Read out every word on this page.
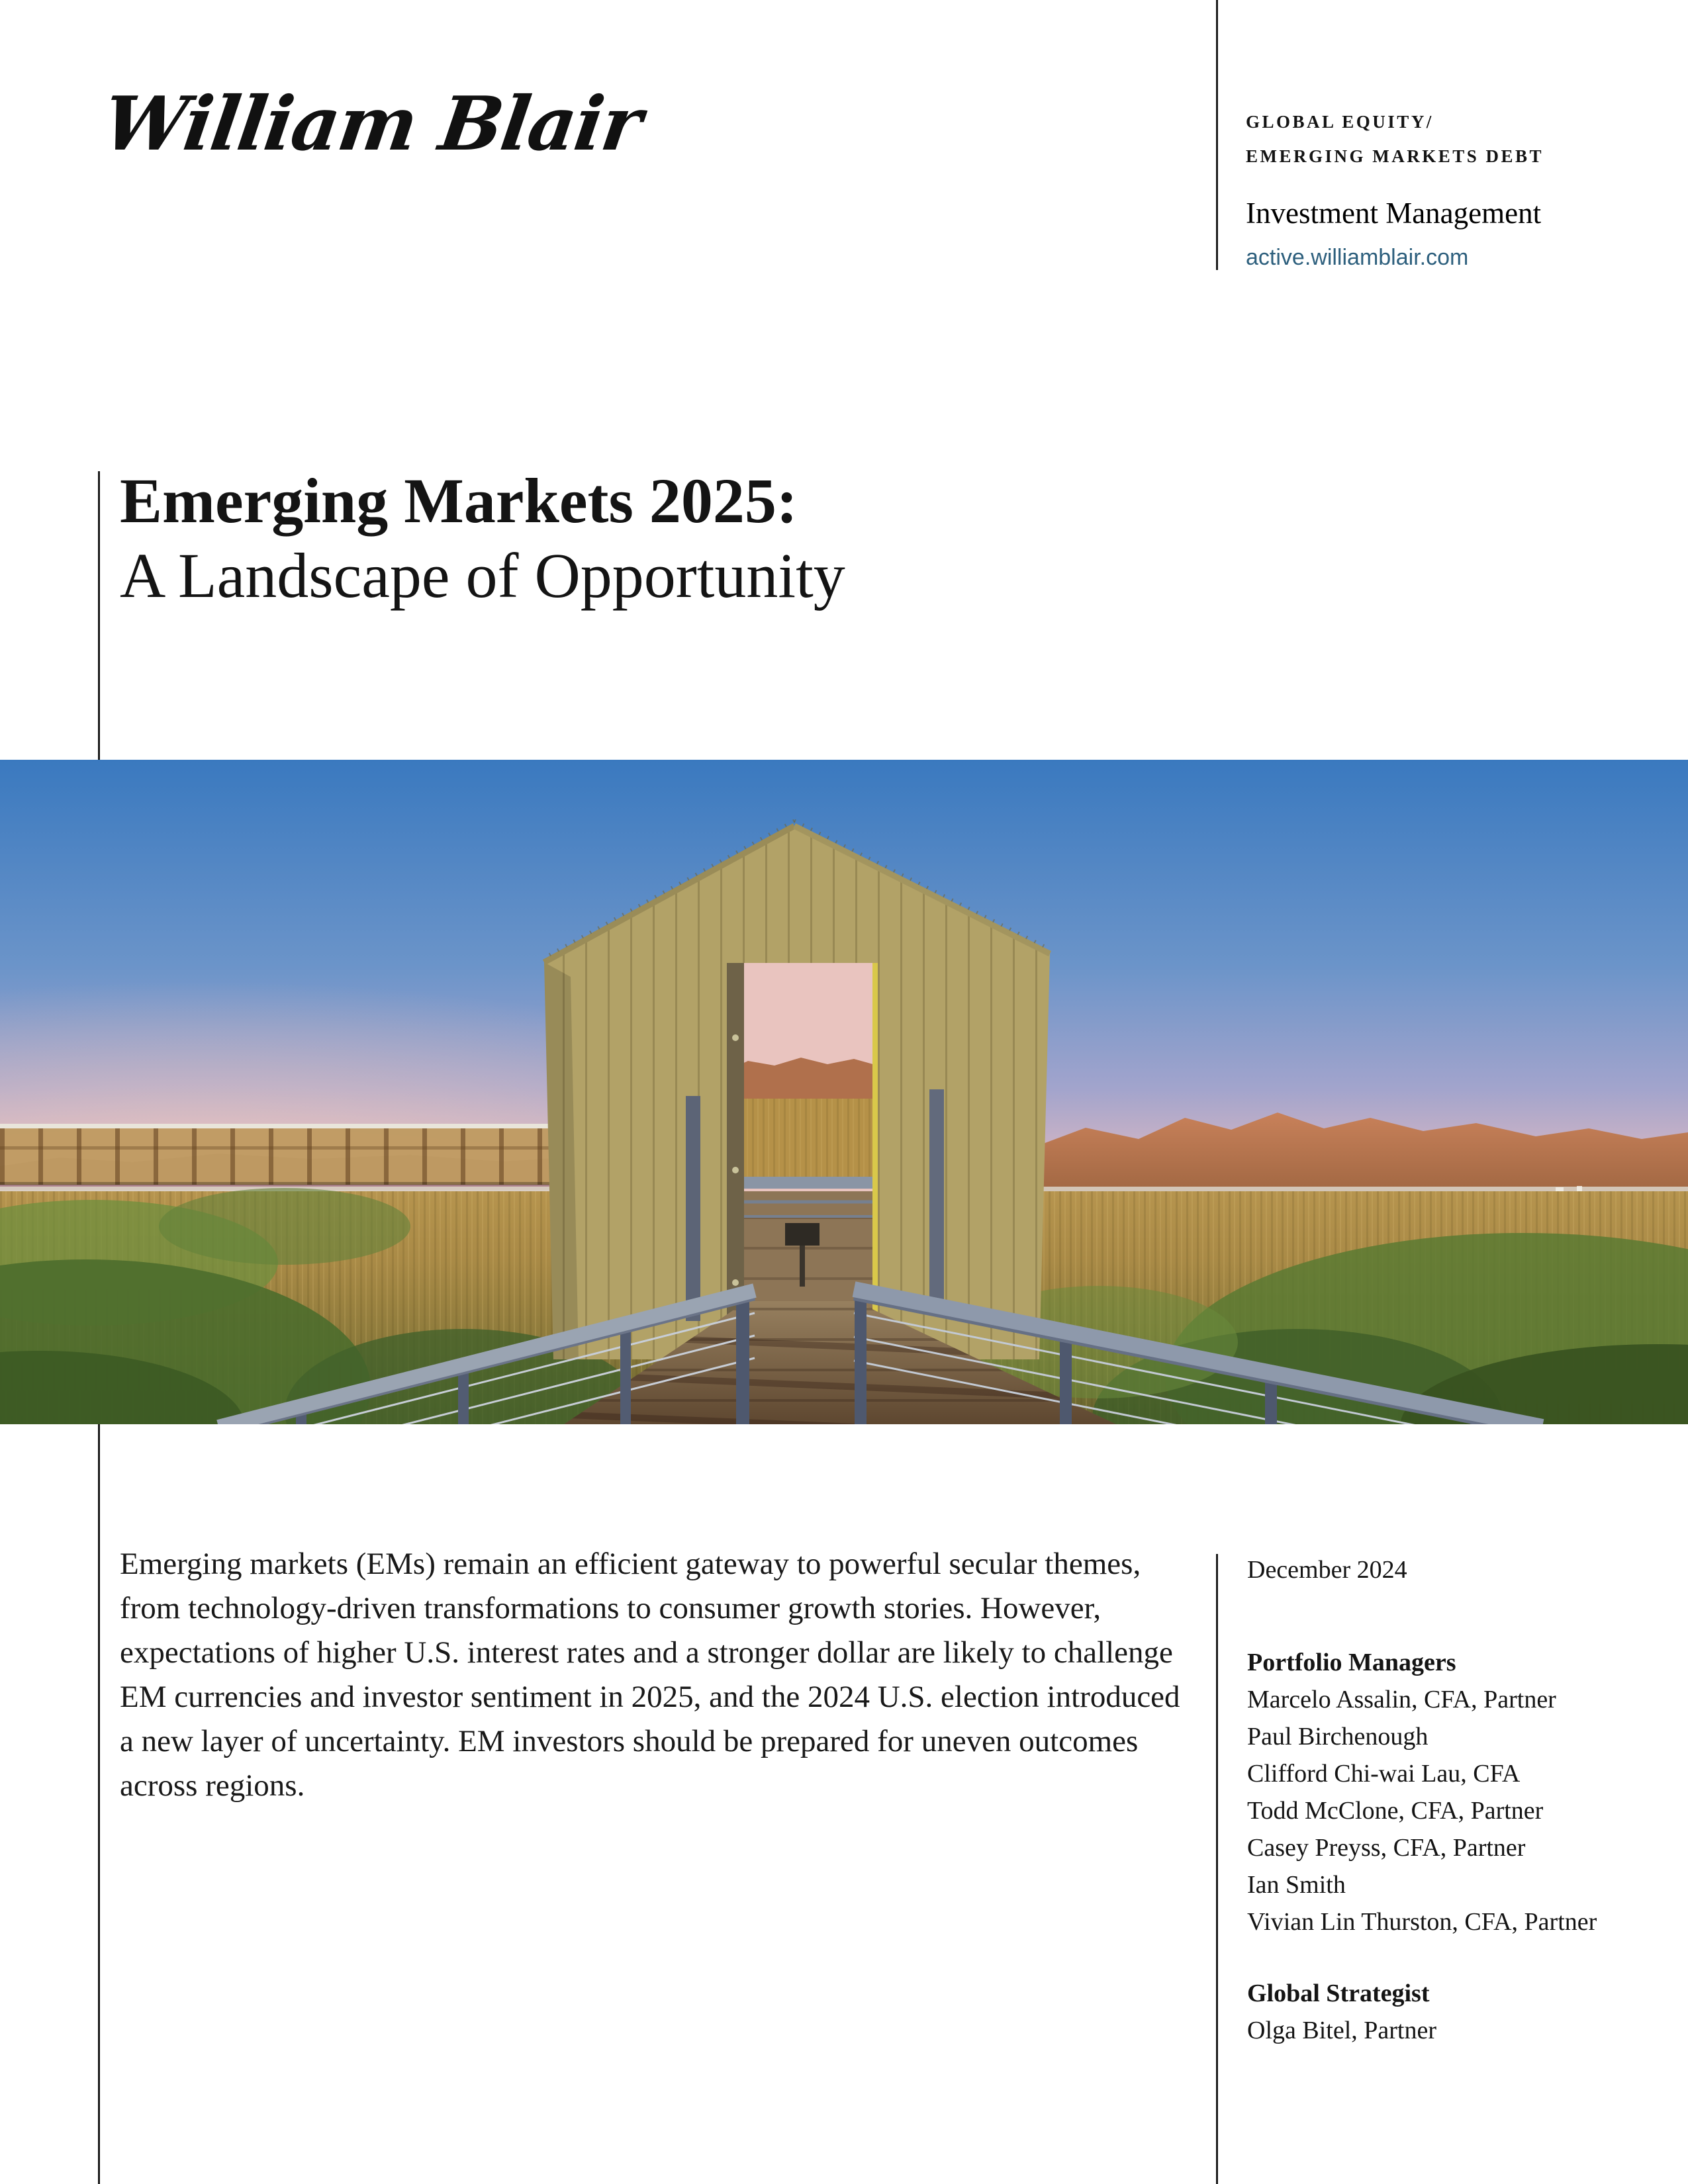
William Blair	GLOBAL EQUITY/
EMERGING MARKETS DEBT
Investment Management
active.williamblair.com
Emerging Markets 2025:
A Landscape of Opportunity

Emerging markets (EMs) remain an efficient gateway to powerful secular themes, from technology-driven transformations to consumer growth stories. However, expectations of higher U.S. interest rates and a stronger dollar are likely to challenge EM currencies and investor sentiment in 2025, and the 2024 U.S. election introduced a new layer of uncertainty. EM investors should be prepared for uneven outcomes across regions.

December 2024
Portfolio Managers
Marcelo Assalin, CFA, Partner
Paul Birchenough
Clifford Chi-wai Lau, CFA
Todd McClone, CFA, Partner
Casey Preyss, CFA, Partner
Ian Smith
Vivian Lin Thurston, CFA, Partner
Global Strategist
Olga Bitel, Partner
